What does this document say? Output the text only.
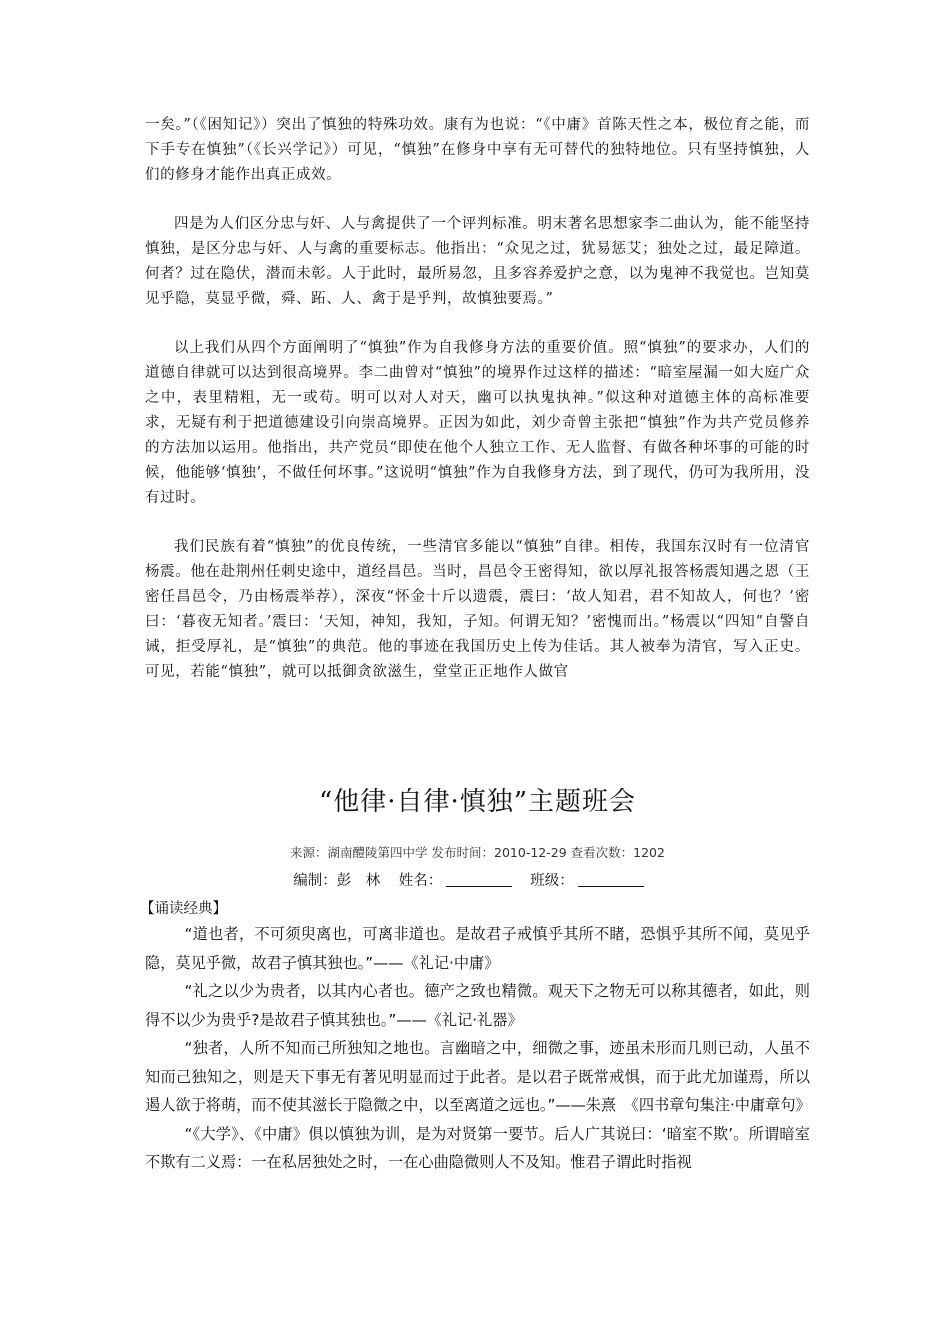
一矣。”（《困知记》）突出了慎独的特殊功效。康有为也说：“《中庸》首陈天性之本，极位育之能，而下手专在慎独”（《长兴学记》）可见，“慎独”在修身中享有无可替代的独特地位。只有坚持慎独，人们的修身才能作出真正成效。

四是为人们区分忠与奸、人与禽提供了一个评判标准。明末著名思想家李二曲认为，能不能坚持慎独，是区分忠与奸、人与禽的重要标志。他指出：“众见之过，犹易惩艾；独处之过，最足障道。何者？过在隐伏，潜而未彰。人于此时，最所易忽，且多容养爱护之意，以为鬼神不我觉也。岂知莫见乎隐，莫显乎微，舜、跖、人、禽于是乎判，故慎独要焉。”

以上我们从四个方面阐明了“慎独”作为自我修身方法的重要价值。照“慎独”的要求办，人们的道德自律就可以达到很高境界。李二曲曾对“慎独”的境界作过这样的描述：“暗室屋漏一如大庭广众之中，表里精粗，无一或苟。明可以对人对天，幽可以执鬼执神。”似这种对道德主体的高标准要求，无疑有利于把道德建设引向崇高境界。正因为如此，刘少奇曾主张把“慎独”作为共产党员修养的方法加以运用。他指出，共产党员“即使在他个人独立工作、无人监督、有做各种坏事的可能的时候，他能够‘慎独’，不做任何坏事。”这说明“慎独”作为自我修身方法，到了现代，仍可为我所用，没有过时。

我们民族有着“慎独”的优良传统，一些清官多能以“慎独”自律。相传，我国东汉时有一位清官杨震。他在赴荆州任刺史途中，道经昌邑。当时，昌邑令王密得知，欲以厚礼报答杨震知遇之恩（王密任昌邑令，乃由杨震举荐），深夜“怀金十斤以遗震，震曰：‘故人知君，君不知故人，何也？’密曰：‘暮夜无知者。’震曰：‘天知，神知，我知，子知。何谓无知？’密愧而出。”杨震以“四知”自警自诫，拒受厚礼，是“慎独”的典范。他的事迹在我国历史上传为佳话。其人被奉为清官，写入正史。可见，若能“慎独”，就可以抵御贪欲滋生，堂堂正正地作人做官

“他律·自律·慎独”主题班会
来源：湖南醴陵第四中学 发布时间：2010-12-29 查看次数：1202
编制：彭　林 姓名：	班级：
【诵读经典】

“道也者，不可须臾离也，可离非道也。是故君子戒慎乎其所不睹，恐惧乎其所不闻，莫见乎隐，莫见乎微，故君子慎其独也。”——《礼记·中庸》

“礼之以少为贵者，以其内心者也。德产之致也精微。观天下之物无可以称其德者，如此，则得不以少为贵乎?是故君子慎其独也。”——《礼记·礼器》

“独者，人所不知而己所独知之地也。言幽暗之中，细微之事，迹虽未形而几则已动，人虽不知而己独知之，则是天下事无有著见明显而过于此者。是以君子既常戒惧，而于此尤加谨焉，所以遏人欲于将萌，而不使其滋长于隐微之中，以至离道之远也。”——朱熹　《四书章句集注·中庸章句》

“《大学》、《中庸》俱以慎独为训，是为对贤第一要节。后人广其说曰：‘暗室不欺’。所谓暗室不欺有二义焉：一在私居独处之时，一在心曲隐微则人不及知。惟君子谓此时指视
